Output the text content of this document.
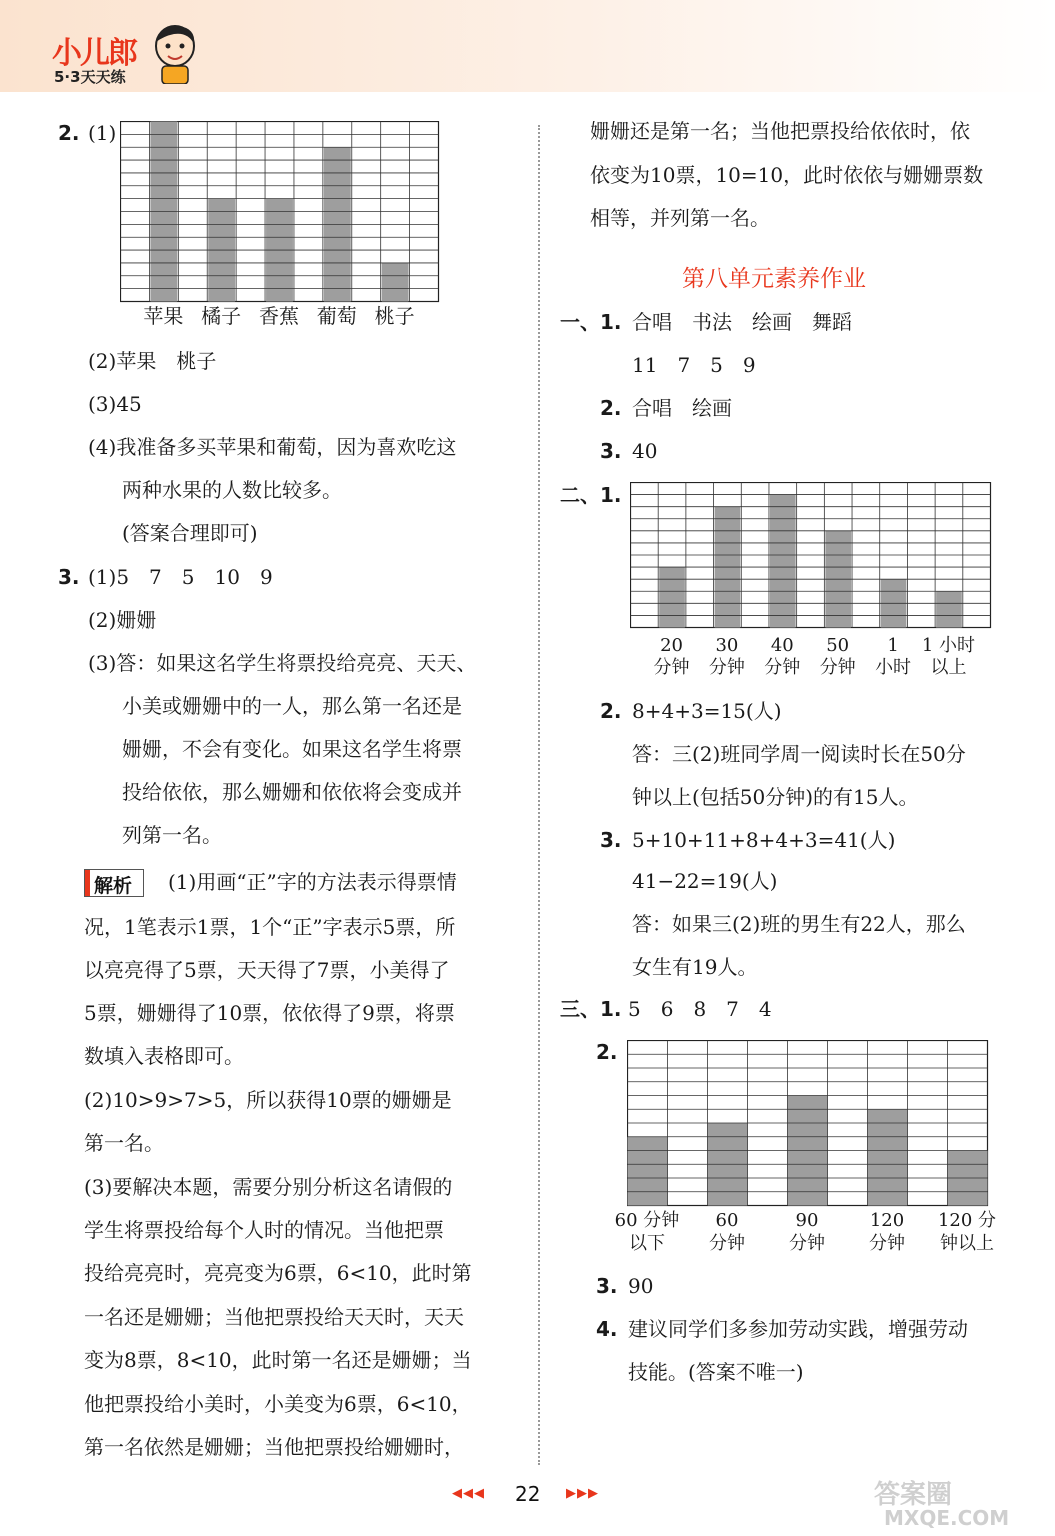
小儿郎
5·3天天练
2. (1)
苹果 橘子 香蕉 葡萄 桃子
(2)苹果　桃子
(3)45
(4)我准备多买苹果和葡萄，因为喜欢吃这
两种水果的人数比较多。
(答案合理即可)
3. (1)5　7　5　10　9
(2)姗姗
(3)答：如果这名学生将票投给亮亮、天天、
小美或姗姗中的一人，那么第一名还是
姗姗，不会有变化。如果这名学生将票
投给依依，那么姗姗和依依将会变成并
列第一名。
解析 (1)用画“正”字的方法表示得票情
况，1笔表示1票，1个“正”字表示5票，所
以亮亮得了5票，天天得了7票，小美得了
5票，姗姗得了10票，依依得了9票，将票
数填入表格即可。
(2)10>9>7>5，所以获得10票的姗姗是
第一名。
(3)要解决本题，需要分别分析这名请假的
学生将票投给每个人时的情况。当他把票
投给亮亮时，亮亮变为6票，6<10，此时第
一名还是姗姗；当他把票投给天天时，天天
变为8票，8<10，此时第一名还是姗姗；当
他把票投给小美时，小美变为6票，6<10，
第一名依然是姗姗；当他把票投给姗姗时，
姗姗还是第一名；当他把票投给依依时，依
依变为10票，10=10，此时依依与姗姗票数
相等，并列第一名。
第八单元素养作业
一、1. 合唱　书法　绘画　舞蹈
11　7　5　9
2. 合唱　绘画
3. 40
二、1.
20	30	40	50	1	1 小时
分钟	分钟	分钟	分钟	小时	以上
2. 8+4+3=15(人)
答：三(2)班同学周一阅读时长在50分
钟以上(包括50分钟)的有15人。
3. 5+10+11+8+4+3=41(人)
41−22=19(人)
答：如果三(2)班的男生有22人，那么
女生有19人。
三、1. 5　6　8　7　4
2.
60 分钟	60	90	120	120 分
以下	分钟	分钟	分钟	钟以上
3. 90
4. 建议同学们多参加劳动实践，增强劳动
技能。(答案不唯一)
◀◀◀ 22 ▶▶▶	答案圈
MXQE.COM
